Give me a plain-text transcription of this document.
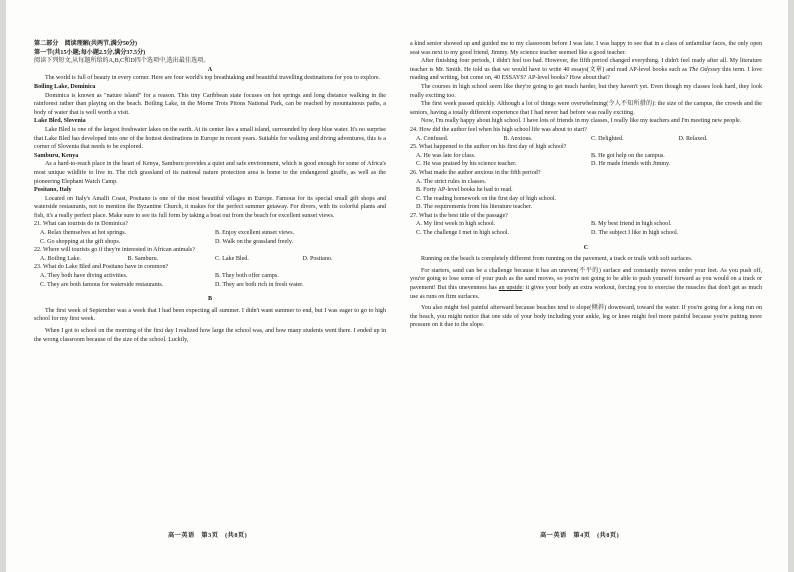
第二部分　阅读理解(共两节,满分50分)

第一节(共15小题;每小题2.5分,满分37.5分)

阅读下列短文,从每题所给的A,B,C和D四个选项中,选出最佳选项。

A

The world is full of beauty in every corner. Here are four world's top breathtaking and beautiful travelling destinations for you to explore.

Boiling Lake, Dominica

Dominica is known as "nature island" for a reason. This tiny Caribbean state focuses on hot springs and long distance walking in the rainforest rather than playing on the beach. Boiling Lake, in the Morne Trois Pitons National Park, can be reached by mountainous paths, a body of water that is well worth a visit.

Lake Bled, Slovenia

Lake Bled is one of the largest freshwater lakes on the earth. At its center lies a small island, surrounded by deep blue water. It's no surprise that Lake Bled has developed into one of the hottest destinations in Europe in recent years. Suitable for walking and diving adventures, this is a corner of Slovenia that needs to be explored.

Samburu, Kenya

As a hard-to-reach place in the heart of Kenya, Samburu provides a quiet and safe environment, which is good enough for some of Africa's most unique wildlife to live in. The rich grassland of its national nature protection area is home to the endangered giraffe, as well as the pioneering Elephant Watch Camp.

Positano, Italy

Located on Italy's Amalfi Coast, Positano is one of the most beautiful villages in Europe. Famous for its special small gift shops and waterside restaurants, not to mention the Byzantine Church, it makes for the perfect summer getaway. For divers, with its colorful plants and fish, it's a really perfect place. Make sure to see its full form by taking a boat out from the beach for excellent sunset views.

21. What can tourists do in Dominica?

A. Relax themselves at hot springs.	B. Enjoy excellent sunset views.
C. Go shopping at the gift shops.	D. Walk on the grassland freely.

22. Where will tourists go if they're interested in African animals?

A. Boiling Lake.	B. Samburu.	C. Lake Bled.	D. Positano.

23. What do Lake Bled and Positano have in common?

A. They both have diving activities.	B. They both offer camps.
C. They are both famous for waterside restaurants.	D. They are both rich in fresh water.

B

The first week of September was a week that I had been expecting all summer. I didn't want summer to end, but I was eager to go to high school for my first week.

When I got to school on the morning of the first day I realized how large the school was, and how many students went there. I ended up in the wrong classroom because of the size of the school. Luckily,

高一英语　第3页　(共8页)

a kind senior showed up and guided me to my classroom before I was late. I was happy to see that in a class of unfamiliar faces, the only open seat was next to my good friend, Jimmy. My science teacher seemed like a good teacher.

After finishing four periods, I didn't feel too bad. However, the fifth period changed everything. I didn't feel ready after all. My literature teacher is Mr. Smith. He told us that we would have to write 40 essays(文章) and read AP-level books such as The Odyssey this term. I love reading and writing, but come on, 40 ESSAYS? AP-level books? How about that?

The courses in high school seem like they're going to get much harder, but they haven't yet. Even though my classes look hard, they look really exciting too.

The first week passed quickly. Although a lot of things were overwhelming(令人不知所措的): the size of the campus, the crowds and the seniors, having a totally different experience that I had never had before was really exciting.

Now, I'm really happy about high school. I have lots of friends in my classes, I really like my teachers and I'm meeting new people.

24. How did the author feel when his high school life was about to start?

A. Confused.	B. Anxious.	C. Delighted.	D. Relaxed.

25. What happened to the author on his first day of high school?

A. He was late for class.	B. He got help on the campus.
C. He was praised by his science teacher.	D. He made friends with Jimmy.

26. What made the author anxious in the fifth period?

A. The strict rules in classes.

B. Forty AP-level books he had to read.

C. The reading homework on the first day of high school.

D. The requirements from his literature teacher.

27. What is the best title of the passage?

A. My first week in high school.	B. My best friend in high school.
C. The challenge I met in high school.	D. The subject I like in high school.

C

Running on the beach is completely different from running on the pavement, a track or trails with soft surfaces.

For starters, sand can be a challenge because it has an uneven(不平的) surface and constantly moves under your feet. As you push off, you're going to lose some of your push as the sand moves, so you're not going to be able to push yourself forward as you would on a track or pavement! But this unevenness has an upside: it gives your body an extra workout, forcing you to exercise the muscles that don't get as much use as runs on firm surfaces.

You also might feel painful afterward because beaches tend to slope(倾斜) downward, toward the water. If you're going for a long run on the beach, you might notice that one side of your body including your ankle, leg or knee might feel more painful because you're putting more pressure on it due to the slope.

高一英语　第4页　(共8页)
